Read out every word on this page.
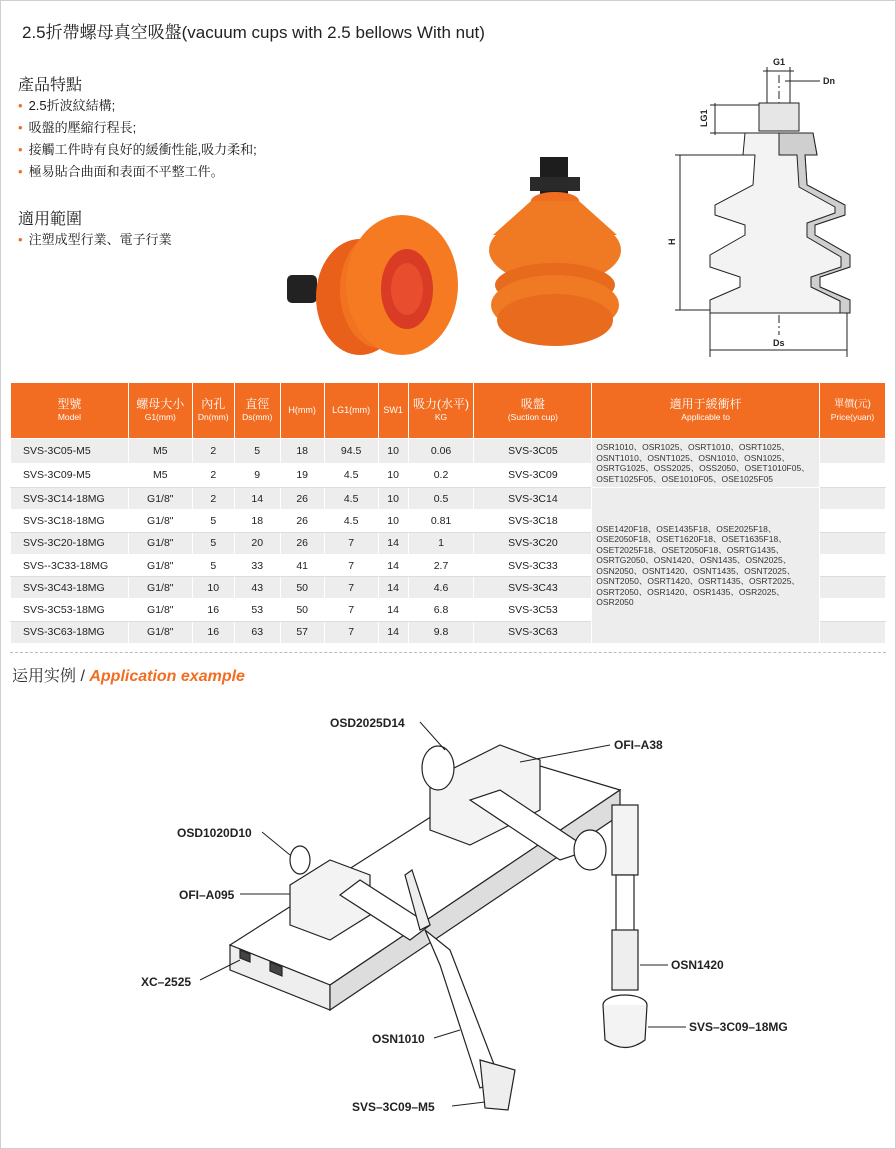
2.5折帶螺母真空吸盤(vacuum cups with 2.5 bellows With nut)
產品特點
• 2.5折波紋結構;
• 吸盤的壓縮行程長;
• 接觸工件時有良好的緩衝性能,吸力柔和;
• 極易貼合曲面和表面不平整工件。
適用範圍
• 注塑成型行業、電子行業
G1
Dn
LG1
H
Ds
型號
Model	螺母大小
G1(mm)	內孔
Dn(mm)	直徑
Ds(mm)	H(mm)	LG1(mm)	SW1	吸力(水平)
KG	吸盤
(Suction cup)	適用于緩衝杆
Applicable to	單價(元)
Price(yuan)

SVS-3C05-M5	M5	2	5	18	94.5	10	0.06	SVS-3C05	OSR1010、OSR1025、OSRT1010、OSRT1025、OSNT1010、OSNT1025、OSN1010、OSN1025、OSRTG1025、OSS2025、OSS2050、OSET1010F05、OSET1025F05、OSE1010F05、OSE1025F05	
SVS-3C09-M5	M5	2	9	19	4.5	10	0.2	SVS-3C09		
SVS-3C14-18MG	G1/8"	2	14	26	4.5	10	0.5	SVS-3C14	OSE1420F18、OSE1435F18、OSE2025F18、OSE2050F18、OSET1620F18、OSET1635F18、OSET2025F18、OSET2050F18、OSRTG1435、OSRTG2050、OSN1420、OSN1435、OSN2025、OSN2050、OSNT1420、OSNT1435、OSNT2025、OSNT2050、OSRT1420、OSRT1435、OSRT2025、OSRT2050、OSR1420、OSR1435、OSR2025、OSR2050	
SVS-3C18-18MG	G1/8"	5	18	26	4.5	10	0.81	SVS-3C18		
SVS-3C20-18MG	G1/8"	5	20	26	7	14	1	SVS-3C20		
SVS--3C33-18MG	G1/8"	5	33	41	7	14	2.7	SVS-3C33		
SVS-3C43-18MG	G1/8"	10	43	50	7	14	4.6	SVS-3C43		
SVS-3C53-18MG	G1/8"	16	53	50	7	14	6.8	SVS-3C53		
SVS-3C63-18MG	G1/8"	16	63	57	7	14	9.8	SVS-3C63		
运用实例 / Application example
OSD2025D14
OFI–A38
OSD1020D10
OFI–A095
XC–2525
OSN1420
SVS–3C09–18MG
OSN1010
SVS–3C09–M5
